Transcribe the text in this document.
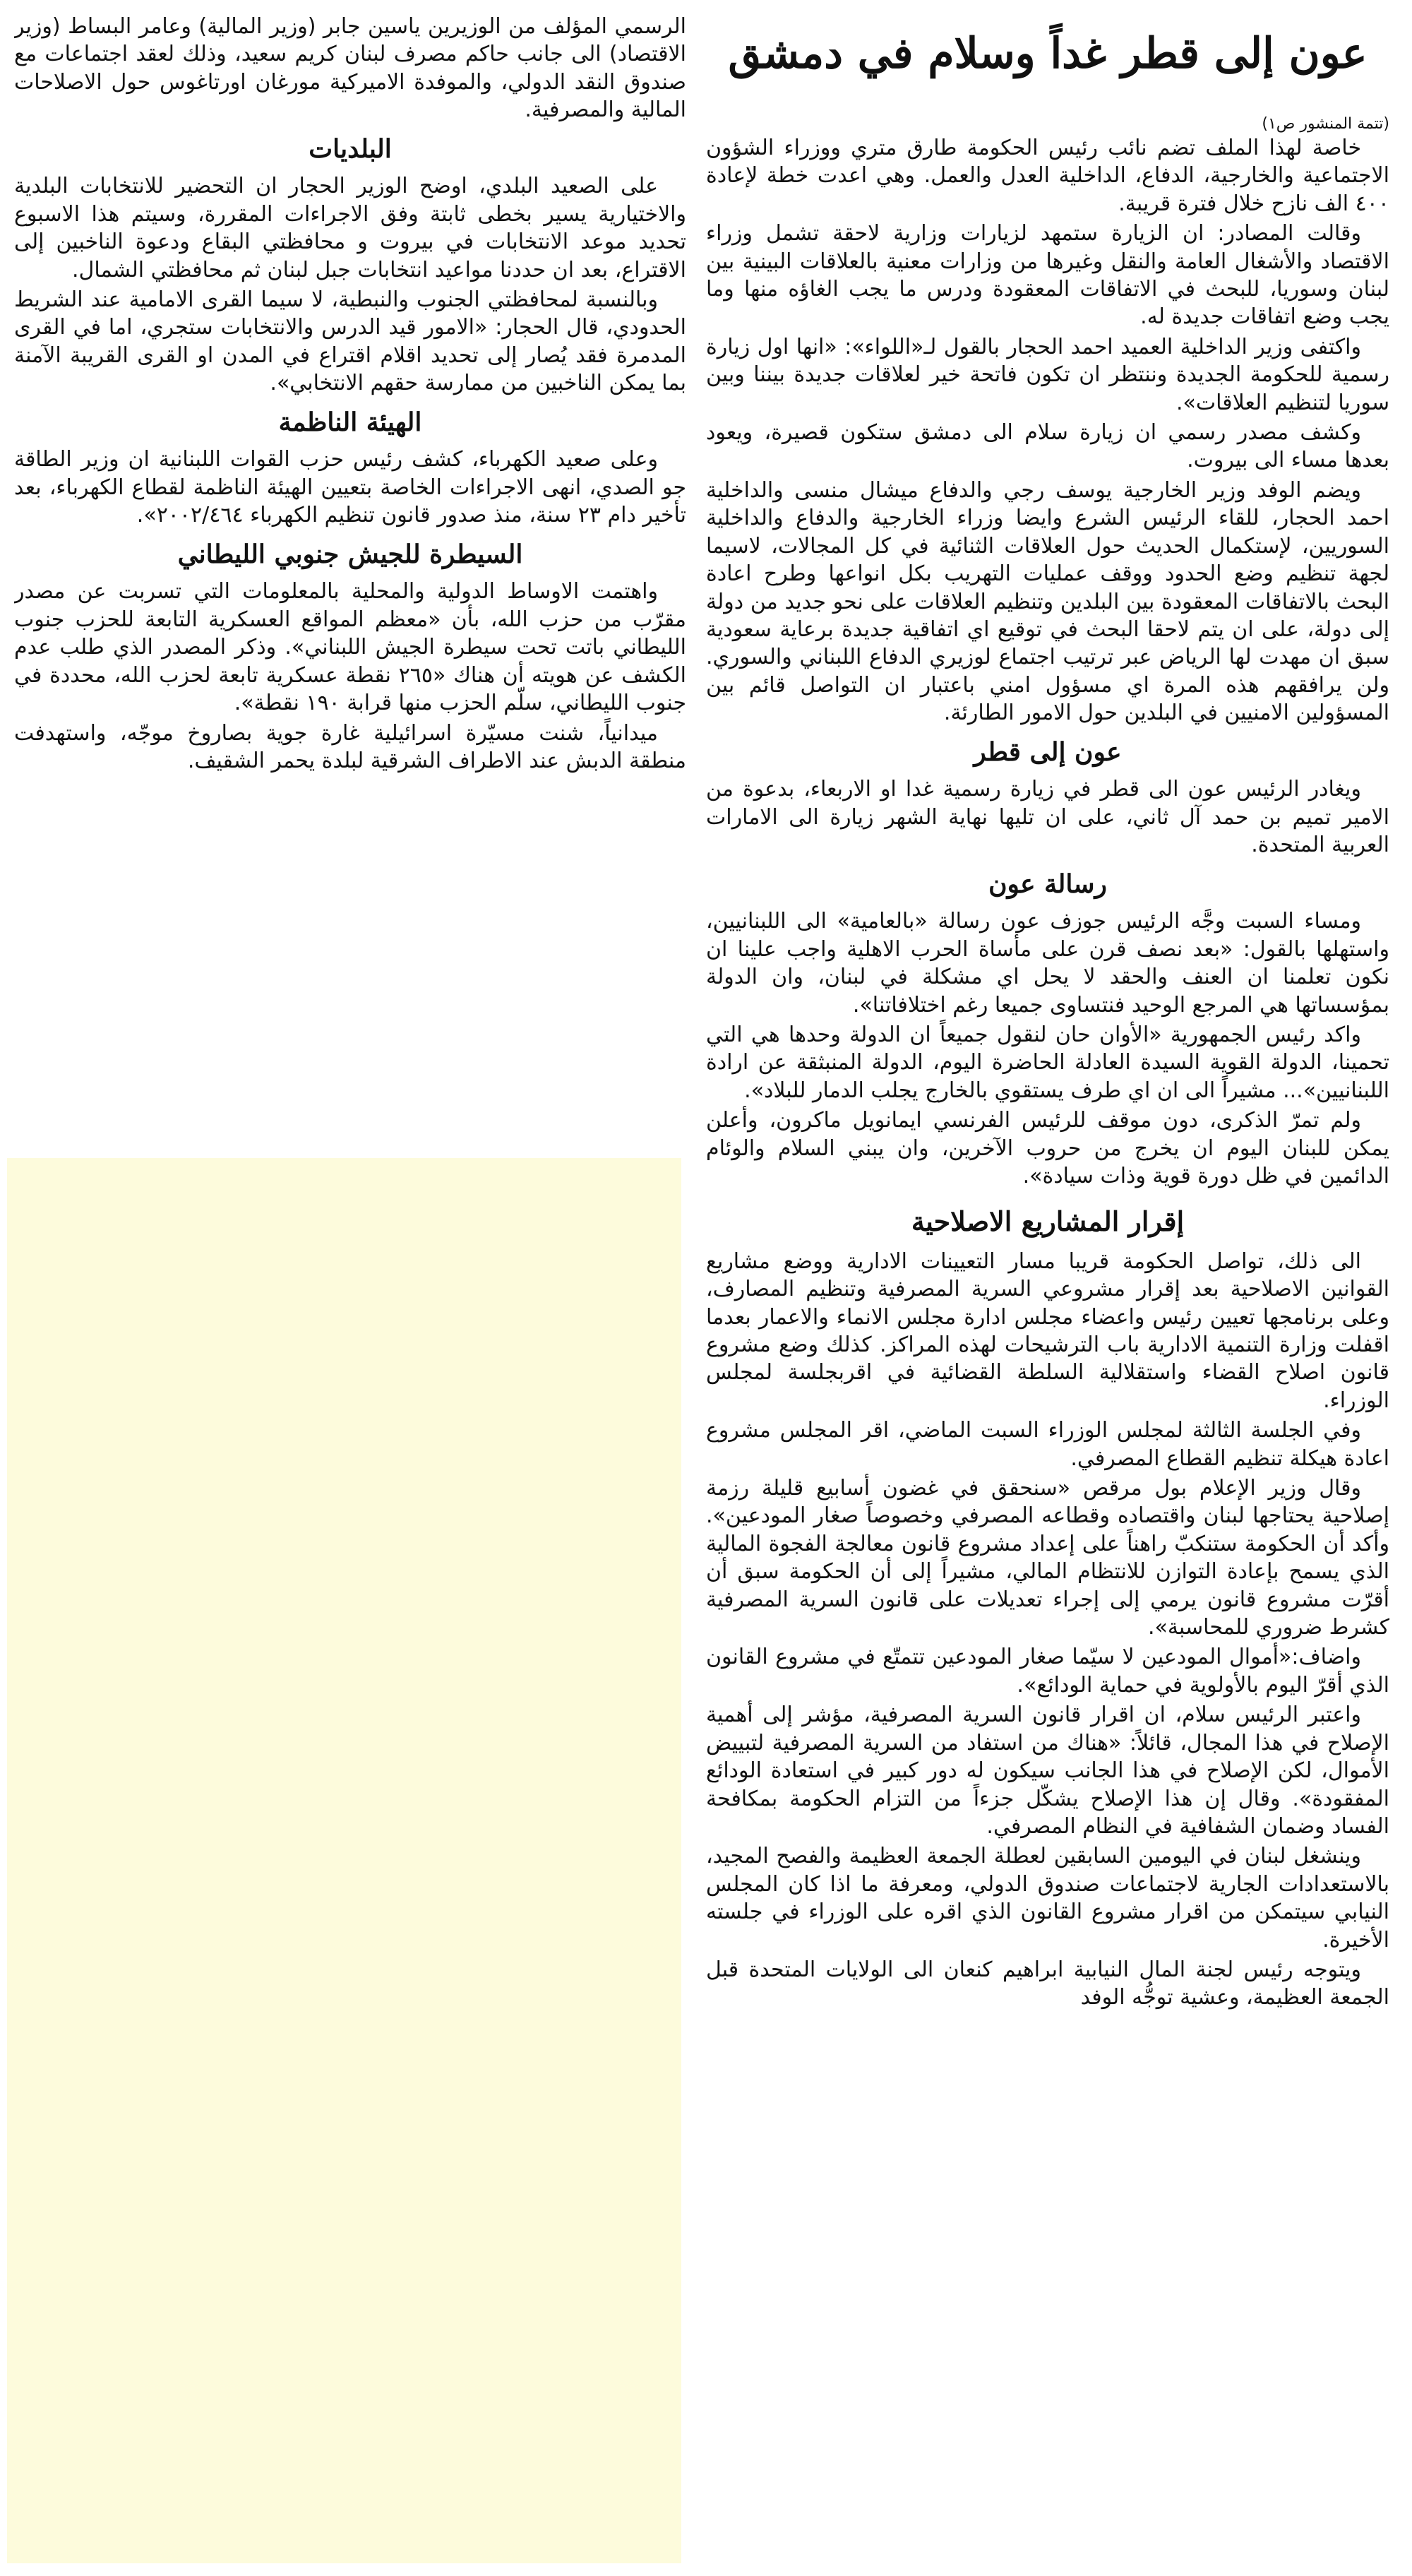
عون إلى قطر غداً وسلام في دمشق
(تتمة المنشور ص١)

خاصة لهذا الملف تضم نائب رئيس الحكومة طارق متري ووزراء الشؤون الاجتماعية والخارجية، الدفاع، الداخلية العدل والعمل. وهي اعدت خطة لإعادة ٤٠٠ الف نازح خلال فترة قريبة.

وقالت المصادر: ان الزيارة ستمهد لزيارات وزارية لاحقة تشمل وزراء الاقتصاد والأشغال العامة والنقل وغيرها من وزارات معنية بالعلاقات البينية بين لبنان وسوريا، للبحث في الاتفاقات المعقودة ودرس ما يجب الغاؤه منها وما يجب وضع اتفاقات جديدة له.

واكتفى وزير الداخلية العميد احمد الحجار بالقول لـ«اللواء»: «انها اول زيارة رسمية للحكومة الجديدة وننتظر ان تكون فاتحة خير لعلاقات جديدة بيننا وبين سوريا لتنظيم العلاقات».

وكشف مصدر رسمي ان زيارة سلام الى دمشق ستكون قصيرة، ويعود بعدها مساء الى بيروت.

ويضم الوفد وزير الخارجية يوسف رجي والدفاع ميشال منسى والداخلية احمد الحجار، للقاء الرئيس الشرع وايضا وزراء الخارجية والدفاع والداخلية السوريين، لإستكمال الحديث حول العلاقات الثنائية في كل المجالات، لاسيما لجهة تنظيم وضع الحدود ووقف عمليات التهريب بكل انواعها وطرح اعادة البحث بالاتفاقات المعقودة بين البلدين وتنظيم العلاقات على نحو جديد من دولة إلى دولة، على ان يتم لاحقا البحث في توقيع اي اتفاقية جديدة برعاية سعودية سبق ان مهدت لها الرياض عبر ترتيب اجتماع لوزيري الدفاع اللبناني والسوري. ولن يرافقهم هذه المرة اي مسؤول امني باعتبار ان التواصل قائم بين المسؤولين الامنيين في البلدين حول الامور الطارئة.

عون إلى قطر

ويغادر الرئيس عون الى قطر في زيارة رسمية غدا او الاربعاء، بدعوة من الامير تميم بن حمد آل ثاني، على ان تليها نهاية الشهر زيارة الى الامارات العربية المتحدة.

رسالة عون

ومساء السبت وجَّه الرئيس جوزف عون رسالة «بالعامية» الى اللبنانيين، واستهلها بالقول: «بعد نصف قرن على مأساة الحرب الاهلية واجب علينا ان نكون تعلمنا ان العنف والحقد لا يحل اي مشكلة في لبنان، وان الدولة بمؤسساتها هي المرجع الوحيد فنتساوى جميعا رغم اختلافاتنا».

واكد رئيس الجمهورية «الأوان حان لنقول جميعاً ان الدولة وحدها هي التي تحمينا، الدولة القوية السيدة العادلة الحاضرة اليوم، الدولة المنبثقة عن ارادة اللبنانيين»... مشيراً الى ان اي طرف يستقوي بالخارج يجلب الدمار للبلاد».

ولم تمرّ الذكرى، دون موقف للرئيس الفرنسي ايمانويل ماكرون، وأعلن يمكن للبنان اليوم ان يخرج من حروب الآخرين، وان يبني السلام والوئام الدائمين في ظل دورة قوية وذات سيادة».

إقرار المشاريع الاصلاحية

الى ذلك، تواصل الحكومة قريبا مسار التعيينات الادارية ووضع مشاريع القوانين الاصلاحية بعد إقرار مشروعي السرية المصرفية وتنظيم المصارف، وعلى برنامجها تعيين رئيس واعضاء مجلس ادارة مجلس الانماء والاعمار بعدما اقفلت وزارة التنمية الادارية باب الترشيحات لهذه المراكز. كذلك وضع مشروع قانون اصلاح القضاء واستقلالية السلطة القضائية في اقربجلسة لمجلس الوزراء.

وفي الجلسة الثالثة لمجلس الوزراء السبت الماضي، اقر المجلس مشروع اعادة هيكلة تنظيم القطاع المصرفي.

وقال وزير الإعلام بول مرقص «سنحقق في غضون أسابيع قليلة رزمة إصلاحية يحتاجها لبنان واقتصاده وقطاعه المصرفي وخصوصاً صغار المودعين». وأكد أن الحكومة ستنكبّ راهناً على إعداد مشروع قانون معالجة الفجوة المالية الذي يسمح بإعادة التوازن للانتظام المالي، مشيراً إلى أن الحكومة سبق أن أقرّت مشروع قانون يرمي إلى إجراء تعديلات على قانون السرية المصرفية كشرط ضروري للمحاسبة».

واضاف:«أموال المودعين لا سيّما صغار المودعين تتمتّع في مشروع القانون الذي أقرّ اليوم بالأولوية في حماية الودائع».

واعتبر الرئيس سلام، ان اقرار قانون السرية المصرفية، مؤشر إلى أهمية الإصلاح في هذا المجال، قائلاً: «هناك من استفاد من السرية المصرفية لتبييض الأموال، لكن الإصلاح في هذا الجانب سيكون له دور كبير في استعادة الودائع المفقودة». وقال إن هذا الإصلاح يشكّل جزءاً من التزام الحكومة بمكافحة الفساد وضمان الشفافية في النظام المصرفي.

وينشغل لبنان في اليومين السابقين لعطلة الجمعة العظيمة والفصح المجيد، بالاستعدادات الجارية لاجتماعات صندوق الدولي، ومعرفة ما اذا كان المجلس النيابي سيتمكن من اقرار مشروع القانون الذي اقره على الوزراء في جلسته الأخيرة.

ويتوجه رئيس لجنة المال النيابية ابراهيم كنعان الى الولايات المتحدة قبل الجمعة العظيمة، وعشية توجُّه الوفد

الرسمي المؤلف من الوزيرين ياسين جابر (وزير المالية) وعامر البساط (وزير الاقتصاد) الى جانب حاكم مصرف لبنان كريم سعيد، وذلك لعقد اجتماعات مع صندوق النقد الدولي، والموفدة الاميركية مورغان اورتاغوس حول الاصلاحات المالية والمصرفية.

البلديات

على الصعيد البلدي، اوضح الوزير الحجار ان التحضير للانتخابات البلدية والاختيارية يسير بخطى ثابتة وفق الاجراءات المقررة، وسيتم هذا الاسبوع تحديد موعد الانتخابات في بيروت و محافظتي البقاع ودعوة الناخبين إلى الاقتراع، بعد ان حددنا مواعيد انتخابات جبل لبنان ثم محافظتي الشمال.

وبالنسبة لمحافظتي الجنوب والنبطية، لا سيما القرى الامامية عند الشريط الحدودي، قال الحجار: «الامور قيد الدرس والانتخابات ستجري، اما في القرى المدمرة فقد يُصار إلى تحديد اقلام اقتراع في المدن او القرى القريبة الآمنة بما يمكن الناخبين من ممارسة حقهم الانتخابي».

الهيئة الناظمة

وعلى صعيد الكهرباء، كشف رئيس حزب القوات اللبنانية ان وزير الطاقة جو الصدي، انهى الاجراءات الخاصة بتعيين الهيئة الناظمة لقطاع الكهرباء، بعد تأخير دام ٢٣ سنة، منذ صدور قانون تنظيم الكهرباء ٢٠٠٢/٤٦٤».

السيطرة للجيش جنوبي الليطاني

واهتمت الاوساط الدولية والمحلية بالمعلومات التي تسربت عن مصدر مقرّب من حزب الله، بأن «معظم المواقع العسكرية التابعة للحزب جنوب الليطاني باتت تحت سيطرة الجيش اللبناني». وذكر المصدر الذي طلب عدم الكشف عن هويته أن هناك «٢٦٥ نقطة عسكرية تابعة لحزب الله، محددة في جنوب الليطاني، سلّم الحزب منها قرابة ١٩٠ نقطة».

ميدانياً، شنت مسيّرة اسرائيلية غارة جوية بصاروخ موجّه، واستهدفت منطقة الدبش عند الاطراف الشرقية لبلدة يحمر الشقيف.
